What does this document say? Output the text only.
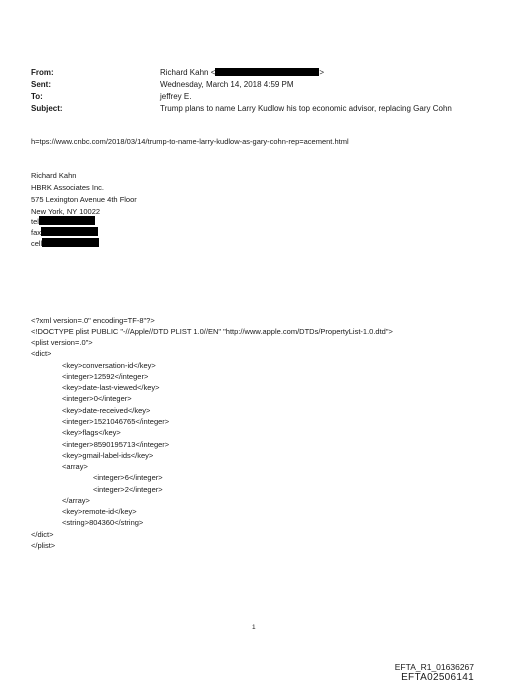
From:	Richard Kahn <	>
Sent:	Wednesday, March 14, 2018 4:59 PM
To:	jeffrey E.
Subject:	Trump plans to name Larry Kudlow his top economic advisor, replacing Gary Cohn
h=tps://www.cnbc.com/2018/03/14/trump-to-name-larry-kudlow-as-gary-cohn-rep=acement.html
Richard Kahn
HBRK Associates Inc.
575 Lexington Avenue 4th Floor
New York, NY 10022
tel
fax
cell
<?xml version=.0" encoding=TF-8"?>
<!DOCTYPE plist PUBLIC "-//Apple//DTD PLIST 1.0//EN" "http://www.apple.com/DTDs/PropertyList-1.0.dtd">
<plist version=.0">
<dict>
<key>conversation-id</key>
<integer>12592</integer>
<key>date-last-viewed</key>
<integer>0</integer>
<key>date-received</key>
<integer>1521046765</integer>
<key>flags</key>
<integer>8590195713</integer>
<key>gmail-label-ids</key>
<array>
<integer>6</integer>
<integer>2</integer>
</array>
<key>remote-id</key>
<string>804360</string>
</dict>
</plist>
1
EFTA_R1_01636267
EFTA02506141
